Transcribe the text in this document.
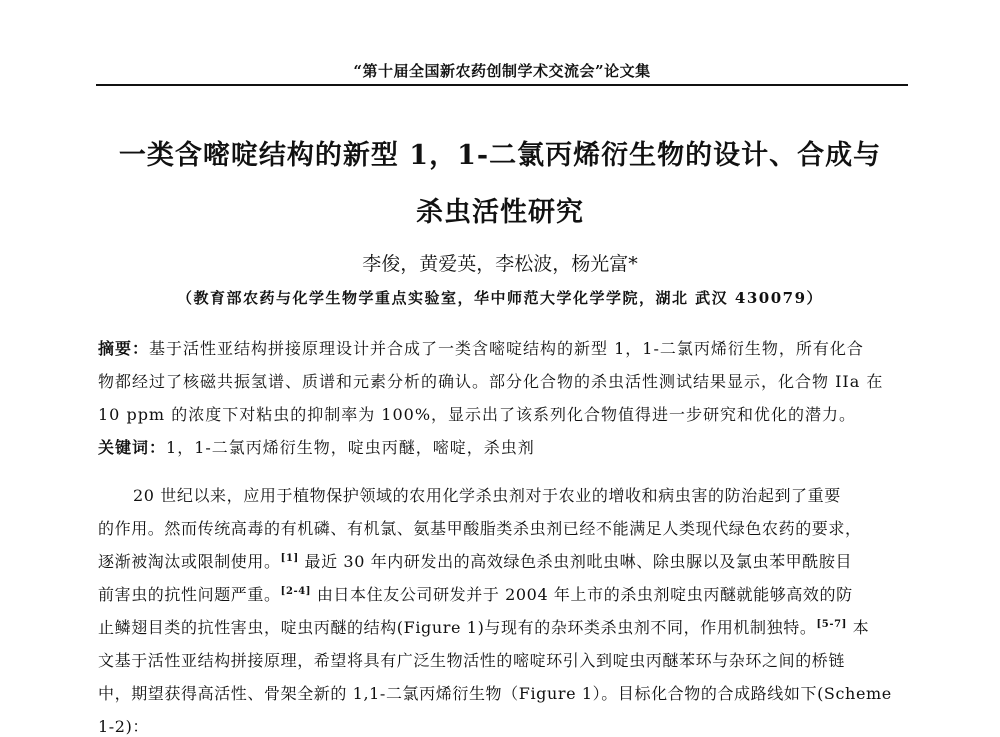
“第十届全国新农药创制学术交流会”论文集
一类含嘧啶结构的新型 1，1-二氯丙烯衍生物的设计、合成与
杀虫活性研究
李俊，黄爱英，李松波，杨光富*
（教育部农药与化学生物学重点实验室，华中师范大学化学学院，湖北 武汉 430079）
摘要：基于活性亚结构拼接原理设计并合成了一类含嘧啶结构的新型 1，1-二氯丙烯衍生物，所有化合
物都经过了核磁共振氢谱、质谱和元素分析的确认。部分化合物的杀虫活性测试结果显示，化合物 IIa 在
10 ppm 的浓度下对粘虫的抑制率为 100%，显示出了该系列化合物值得进一步研究和优化的潜力。
关键词：1，1-二氯丙烯衍生物，啶虫丙醚，嘧啶，杀虫剂
20 世纪以来，应用于植物保护领域的农用化学杀虫剂对于农业的增收和病虫害的防治起到了重要
的作用。然而传统高毒的有机磷、有机氯、氨基甲酸脂类杀虫剂已经不能满足人类现代绿色农药的要求，
逐渐被淘汰或限制使用。[1] 最近 30 年内研发出的高效绿色杀虫剂吡虫啉、除虫脲以及氯虫苯甲酰胺目
前害虫的抗性问题严重。[2-4] 由日本住友公司研发并于 2004 年上市的杀虫剂啶虫丙醚就能够高效的防
止鳞翅目类的抗性害虫，啶虫丙醚的结构(Figure 1)与现有的杂环类杀虫剂不同，作用机制独特。[5-7] 本
文基于活性亚结构拼接原理，希望将具有广泛生物活性的嘧啶环引入到啶虫丙醚苯环与杂环之间的桥链
中，期望获得高活性、骨架全新的 1,1-二氯丙烯衍生物（Figure 1）。目标化合物的合成路线如下(Scheme
1-2)：
